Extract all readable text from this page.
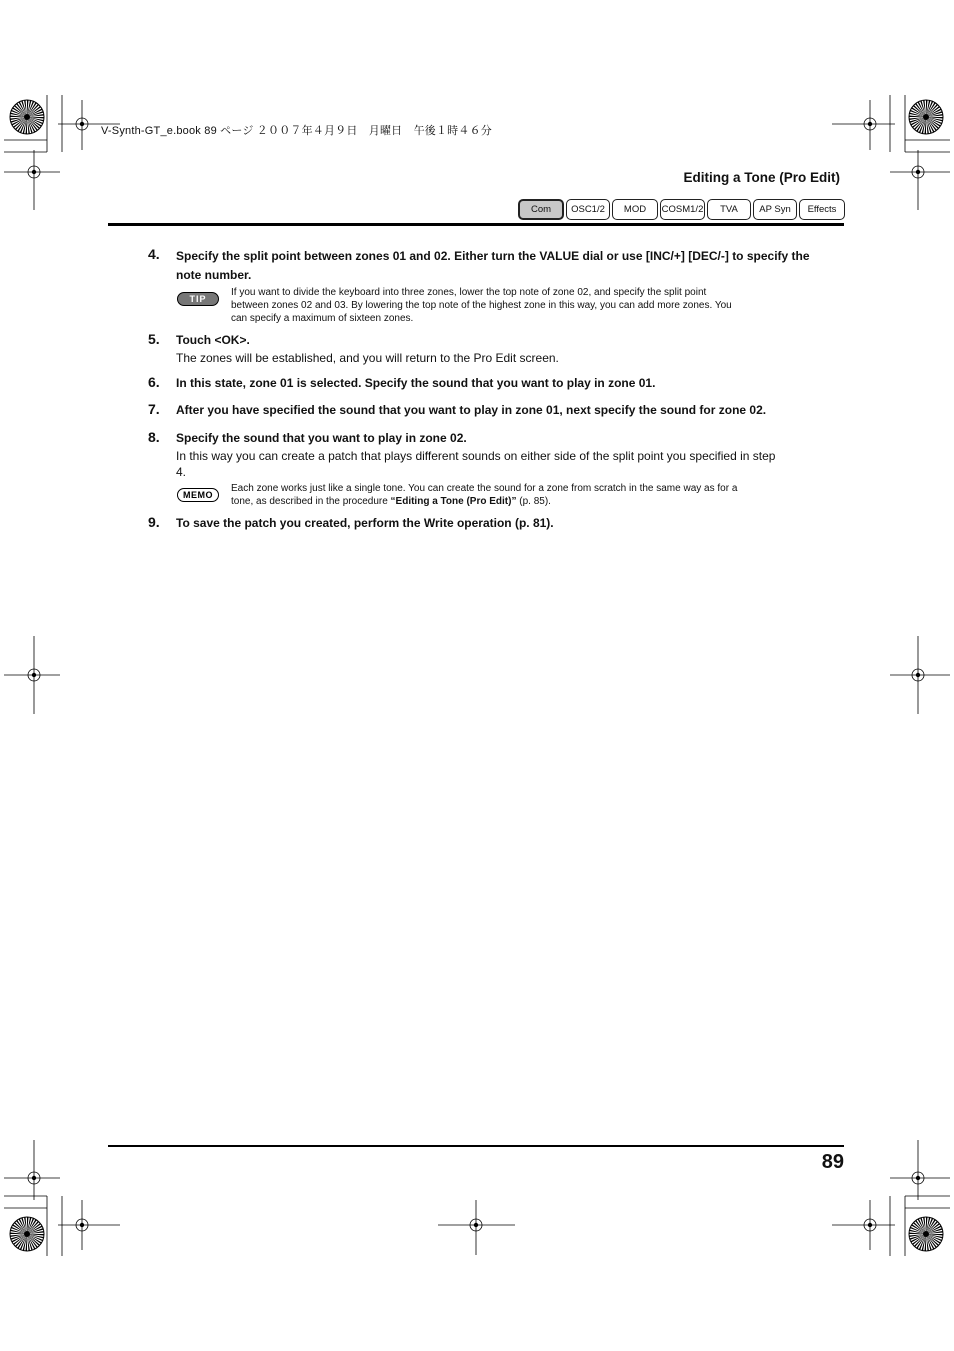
V-Synth-GT_e.book 89 ページ ２００７年４月９日　月曜日　午後１時４６分
Editing a Tone (Pro Edit)
Com	OSC1/2	MOD	COSM1/2	TVA	AP Syn	Effects
4. Specify the split point between zones 01 and 02. Either turn the VALUE dial or use [INC/+] [DEC/-] to specify the
note number.
TIP
If you want to divide the keyboard into three zones, lower the top note of zone 02, and specify the split point
between zones 02 and 03. By lowering the top note of the highest zone in this way, you can add more zones. You
can specify a maximum of sixteen zones.
5. Touch <OK>.
The zones will be established, and you will return to the Pro Edit screen.
6. In this state, zone 01 is selected. Specify the sound that you want to play in zone 01.
7. After you have specified the sound that you want to play in zone 01, next specify the sound for zone 02.
8. Specify the sound that you want to play in zone 02.
In this way you can create a patch that plays different sounds on either side of the split point you specified in step
4.
MEMO
Each zone works just like a single tone. You can create the sound for a zone from scratch in the same way as for a
tone, as described in the procedure “Editing a Tone (Pro Edit)” (p. 85).
9. To save the patch you created, perform the Write operation (p. 81).
89
